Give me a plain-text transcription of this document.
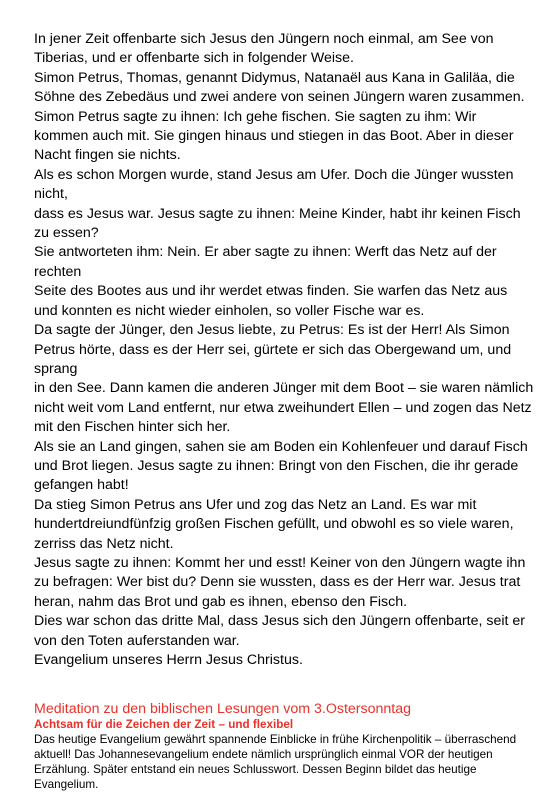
In jener Zeit offenbarte sich Jesus den Jüngern noch einmal, am See von Tiberias, und er offenbarte sich in folgender Weise.

Simon Petrus, Thomas, genannt Didymus, Natanaël aus Kana in Galiläa, die Söhne des Zebedäus und zwei andere von seinen Jüngern waren zusammen. Simon Petrus sagte zu ihnen: Ich gehe fischen. Sie sagten zu ihm: Wir kommen auch mit. Sie gingen hinaus und stiegen in das Boot. Aber in dieser Nacht fingen sie nichts.

Als es schon Morgen wurde, stand Jesus am Ufer. Doch die Jünger wussten nicht,

dass es Jesus war. Jesus sagte zu ihnen: Meine Kinder, habt ihr keinen Fisch zu essen?

Sie antworteten ihm: Nein. Er aber sagte zu ihnen: Werft das Netz auf der rechten

Seite des Bootes aus und ihr werdet etwas finden. Sie warfen das Netz aus und konnten es nicht wieder einholen, so voller Fische war es.

Da sagte der Jünger, den Jesus liebte, zu Petrus: Es ist der Herr! Als Simon Petrus hörte, dass es der Herr sei, gürtete er sich das Obergewand um, und sprang

in den See. Dann kamen die anderen Jünger mit dem Boot – sie waren nämlich nicht weit vom Land entfernt, nur etwa zweihundert Ellen – und zogen das Netz mit den Fischen hinter sich her.

Als sie an Land gingen, sahen sie am Boden ein Kohlenfeuer und darauf Fisch und Brot liegen. Jesus sagte zu ihnen: Bringt von den Fischen, die ihr gerade gefangen habt!

Da stieg Simon Petrus ans Ufer und zog das Netz an Land. Es war mit hundertdreiundfünfzig großen Fischen gefüllt, und obwohl es so viele waren, zerriss das Netz nicht.

Jesus sagte zu ihnen: Kommt her und esst! Keiner von den Jüngern wagte ihn zu befragen: Wer bist du? Denn sie wussten, dass es der Herr war. Jesus trat heran, nahm das Brot und gab es ihnen, ebenso den Fisch.

Dies war schon das dritte Mal, dass Jesus sich den Jüngern offenbarte, seit er von den Toten auferstanden war.

Evangelium unseres Herrn Jesus Christus.

Meditation zu den biblischen Lesungen vom 3.Ostersonntag

Achtsam für die Zeichen der Zeit – und flexibel

Das heutige Evangelium gewährt spannende Einblicke in frühe Kirchenpolitik – überraschend aktuell! Das Johannesevangelium endete nämlich ursprünglich einmal VOR der heutigen Erzählung. Später entstand ein neues Schlusswort. Dessen Beginn bildet das heutige Evangelium.
